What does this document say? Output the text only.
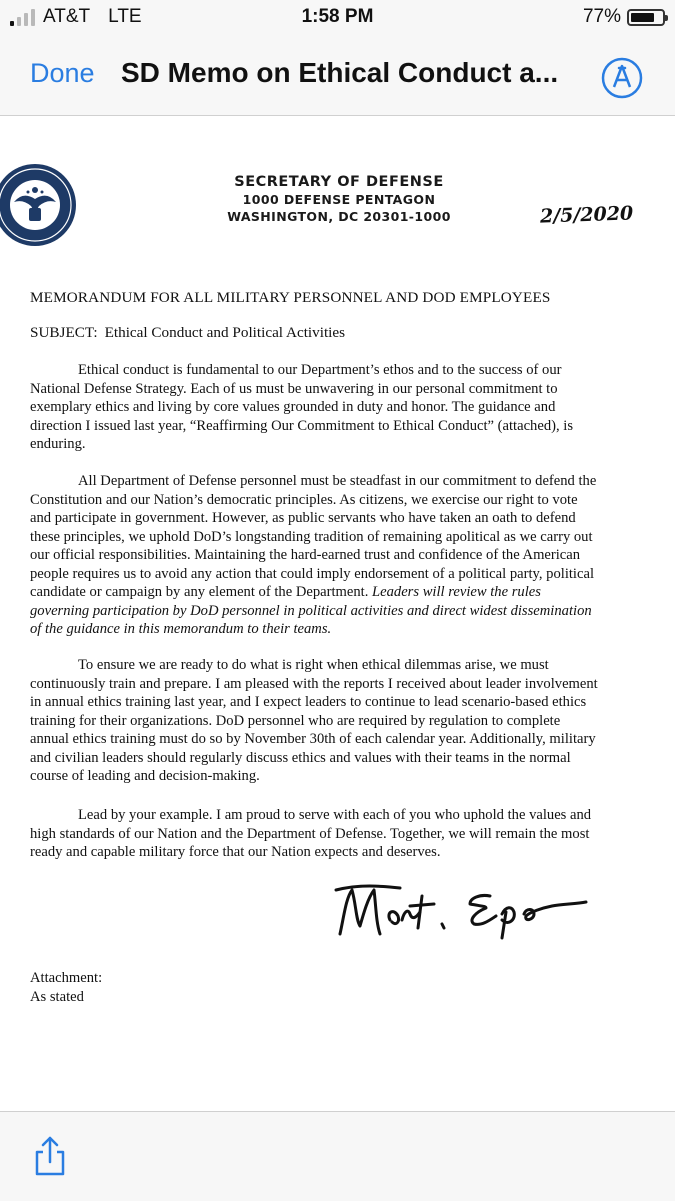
AT&T LTE	1:58 PM	77%
Done SD Memo on Ethical Conduct a...
SECRETARY OF DEFENSE
1000 DEFENSE PENTAGON
WASHINGTON, DC 20301-1000	2/5/2020
MEMORANDUM FOR ALL MILITARY PERSONNEL AND DOD EMPLOYEES
SUBJECT: Ethical Conduct and Political Activities
Ethical conduct is fundamental to our Department’s ethos and to the success of our
National Defense Strategy. Each of us must be unwavering in our personal commitment to
exemplary ethics and living by core values grounded in duty and honor. The guidance and
direction I issued last year, “Reaffirming Our Commitment to Ethical Conduct” (attached), is
enduring.
All Department of Defense personnel must be steadfast in our commitment to defend the
Constitution and our Nation’s democratic principles. As citizens, we exercise our right to vote
and participate in government. However, as public servants who have taken an oath to defend
these principles, we uphold DoD’s longstanding tradition of remaining apolitical as we carry out
our official responsibilities. Maintaining the hard-earned trust and confidence of the American
people requires us to avoid any action that could imply endorsement of a political party, political
candidate or campaign by any element of the Department. Leaders will review the rules
governing participation by DoD personnel in political activities and direct widest dissemination
of the guidance in this memorandum to their teams.
To ensure we are ready to do what is right when ethical dilemmas arise, we must
continuously train and prepare. I am pleased with the reports I received about leader involvement
in annual ethics training last year, and I expect leaders to continue to lead scenario-based ethics
training for their organizations. DoD personnel who are required by regulation to complete
annual ethics training must do so by November 30th of each calendar year. Additionally, military
and civilian leaders should regularly discuss ethics and values with their teams in the normal
course of leading and decision-making.
Lead by your example. I am proud to serve with each of you who uphold the values and
high standards of our Nation and the Department of Defense. Together, we will remain the most
ready and capable military force that our Nation expects and deserves.
Attachment:
As stated
